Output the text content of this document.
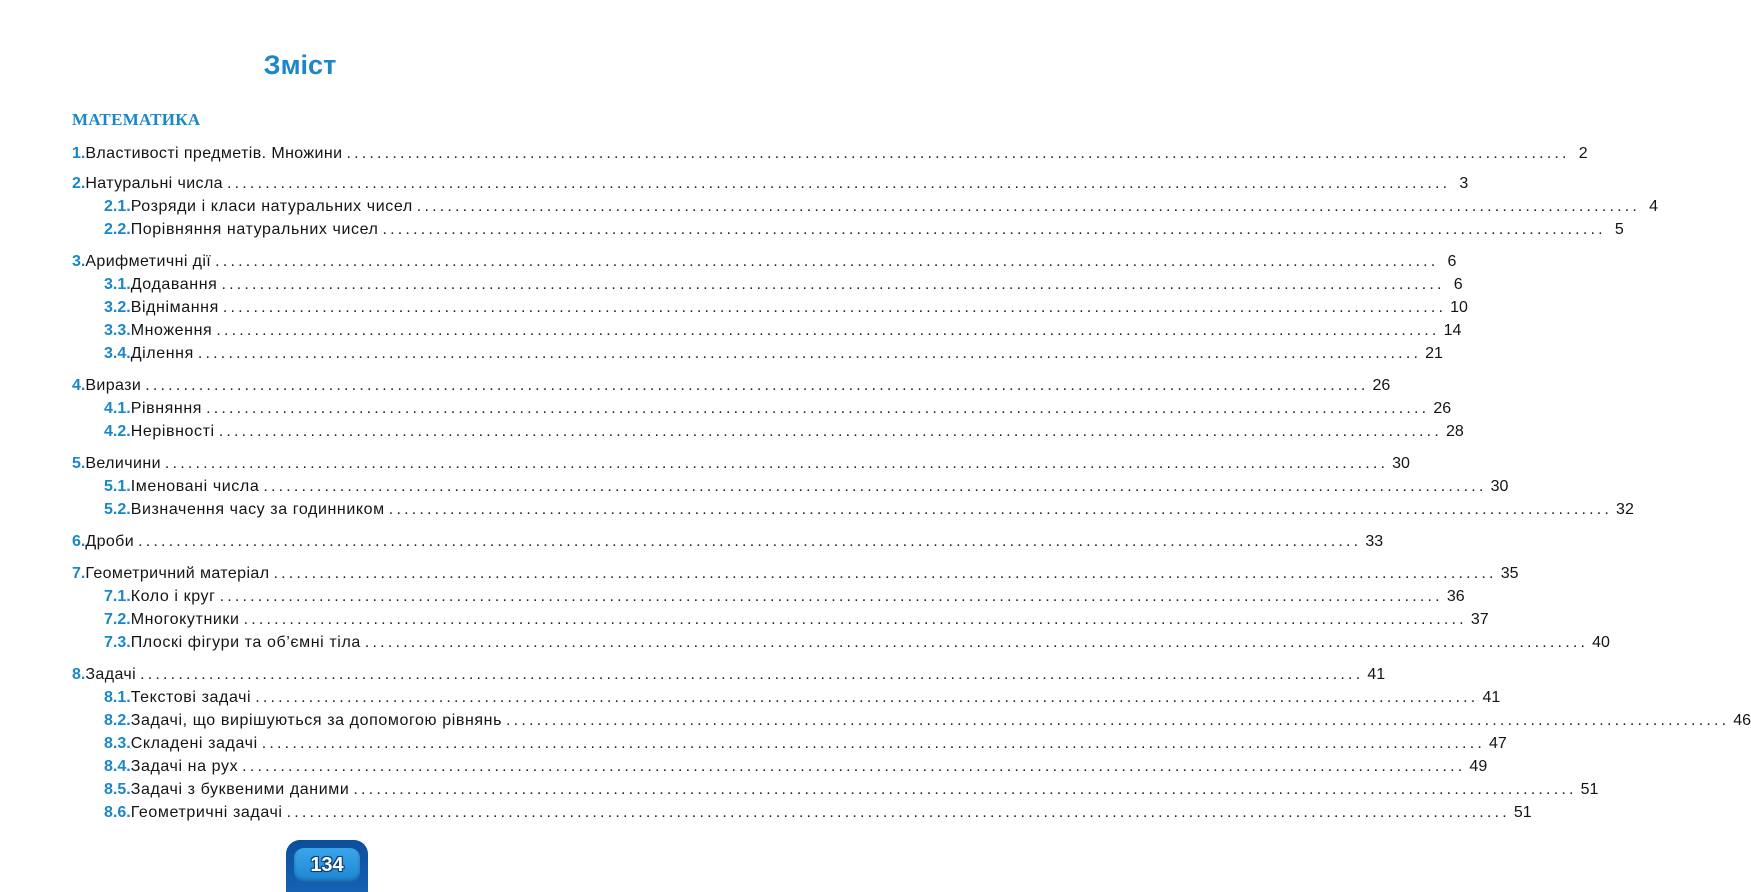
Зміст
МАТЕМАТИКА
1. Властивості предметів. Множини ................................................................................................................................................................ 2
2. Натуральні числа ................................................................................................................................................................ 3
2.1. Розряди і класи натуральних чисел ................................................................................................................................................................ 4
2.2. Порівняння натуральних чисел ................................................................................................................................................................ 5
3. Арифметичні дії ................................................................................................................................................................ 6
3.1. Додавання ................................................................................................................................................................ 6
3.2. Віднімання ................................................................................................................................................................ 10
3.3. Множення ................................................................................................................................................................ 14
3.4. Ділення ................................................................................................................................................................ 21
4. Вирази ................................................................................................................................................................ 26
4.1. Рівняння ................................................................................................................................................................ 26
4.2. Нерівності ................................................................................................................................................................ 28
5. Величини ................................................................................................................................................................ 30
5.1. Іменовані числа ................................................................................................................................................................ 30
5.2. Визначення часу за годинником ................................................................................................................................................................ 32
6. Дроби ................................................................................................................................................................ 33
7. Геометричний матеріал ................................................................................................................................................................ 35
7.1. Коло і круг ................................................................................................................................................................ 36
7.2. Многокутники ................................................................................................................................................................ 37
7.3. Плоскі фігури та об’ємні тіла ................................................................................................................................................................ 40
8. Задачі ................................................................................................................................................................ 41
8.1. Текстові задачі ................................................................................................................................................................ 41
8.2. Задачі, що вирішуються за допомогою рівнянь ................................................................................................................................................................ 46
8.3. Складені задачі ................................................................................................................................................................ 47
8.4. Задачі на рух ................................................................................................................................................................ 49
8.5. Задачі з буквеними даними ................................................................................................................................................................ 51
8.6. Геометричні задачі ................................................................................................................................................................ 51
134
